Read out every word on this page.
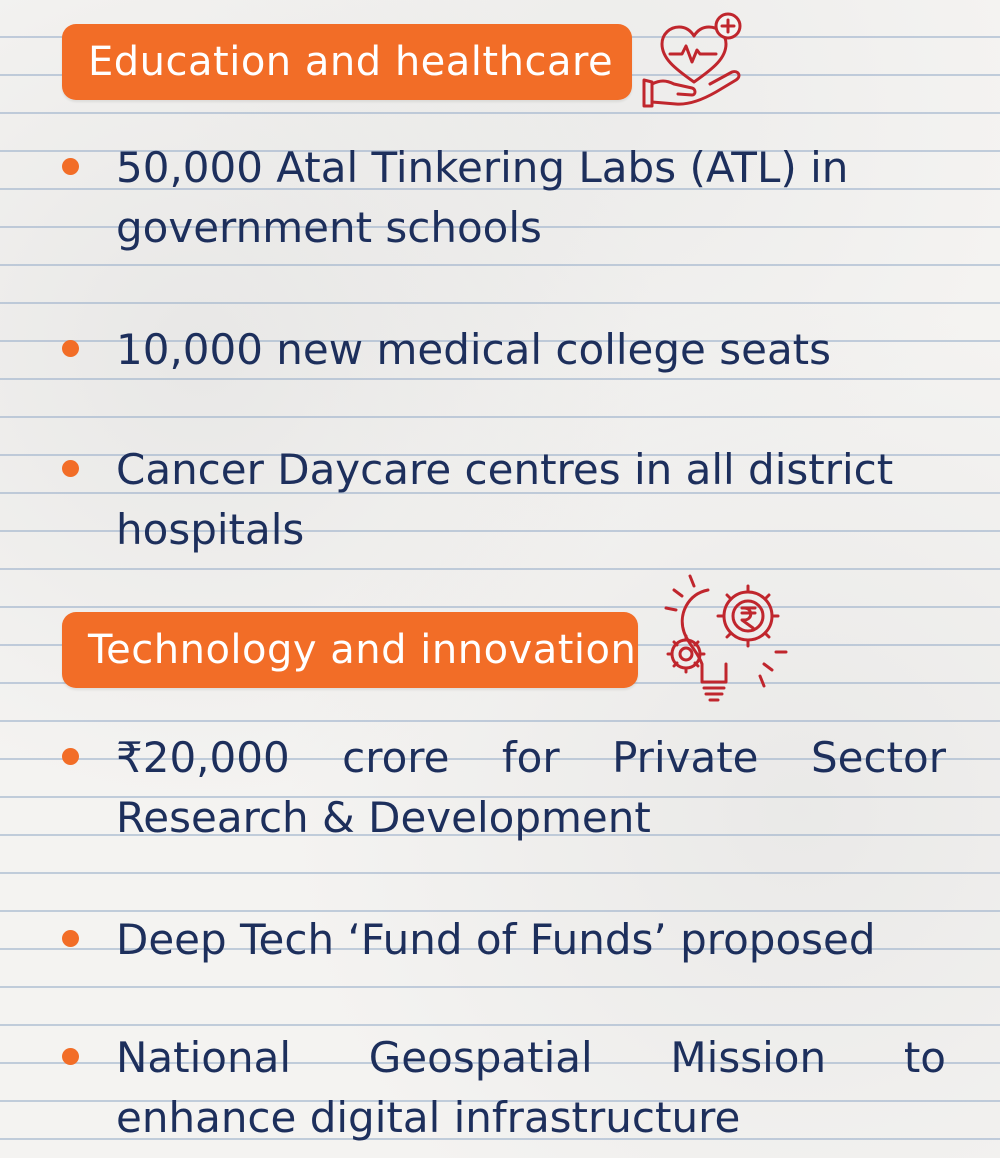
Education and healthcare
50,000 Atal Tinkering Labs (ATL) in government schools
10,000 new medical college seats
Cancer Daycare centres in all district hospitals
Technology and innovation
₹20,000 crore for Private Sector Research & Development
Deep Tech ‘Fund of Funds’ proposed
National Geospatial Mission to enhance digital infrastructure
